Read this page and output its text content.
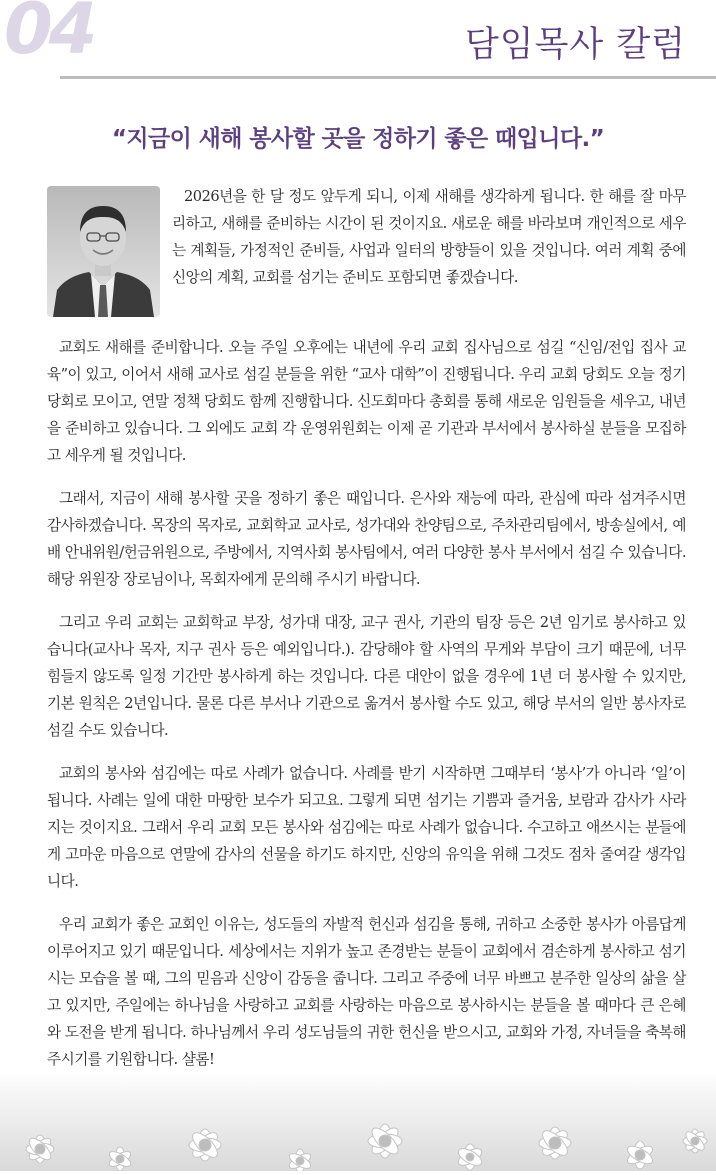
04	담임목사 칼럼
“지금이 새해 봉사할 곳을 정하기 좋은 때입니다.”

2026년을 한 달 정도 앞두게 되니, 이제 새해를 생각하게 됩니다. 한 해를 잘 마무리하고, 새해를 준비하는 시간이 된 것이지요. 새로운 해를 바라보며 개인적으로 세우는 계획들, 가정적인 준비들, 사업과 일터의 방향들이 있을 것입니다. 여러 계획 중에 신앙의 계획, 교회를 섬기는 준비도 포함되면 좋겠습니다.

교회도 새해를 준비합니다. 오늘 주일 오후에는 내년에 우리 교회 집사님으로 섬길 “신임/전입 집사 교육”이 있고, 이어서 새해 교사로 섬길 분들을 위한 “교사 대학”이 진행됩니다. 우리 교회 당회도 오늘 정기 당회로 모이고, 연말 정책 당회도 함께 진행합니다. 신도회마다 총회를 통해 새로운 임원들을 세우고, 내년을 준비하고 있습니다. 그 외에도 교회 각 운영위원회는 이제 곧 기관과 부서에서 봉사하실 분들을 모집하고 세우게 될 것입니다.

그래서, 지금이 새해 봉사할 곳을 정하기 좋은 때입니다. 은사와 재능에 따라, 관심에 따라 섬겨주시면 감사하겠습니다. 목장의 목자로, 교회학교 교사로, 성가대와 찬양팀으로, 주차관리팀에서, 방송실에서, 예배 안내위원/헌금위원으로, 주방에서, 지역사회 봉사팀에서, 여러 다양한 봉사 부서에서 섬길 수 있습니다. 해당 위원장 장로님이나, 목회자에게 문의해 주시기 바랍니다.

그리고 우리 교회는 교회학교 부장, 성가대 대장, 교구 권사, 기관의 팀장 등은 2년 임기로 봉사하고 있습니다(교사나 목자, 지구 권사 등은 예외입니다.). 감당해야 할 사역의 무게와 부담이 크기 때문에, 너무 힘들지 않도록 일정 기간만 봉사하게 하는 것입니다. 다른 대안이 없을 경우에 1년 더 봉사할 수 있지만, 기본 원칙은 2년입니다. 물론 다른 부서나 기관으로 옮겨서 봉사할 수도 있고, 해당 부서의 일반 봉사자로 섬길 수도 있습니다.

교회의 봉사와 섬김에는 따로 사례가 없습니다. 사례를 받기 시작하면 그때부터 ‘봉사’가 아니라 ‘일’이 됩니다. 사례는 일에 대한 마땅한 보수가 되고요. 그렇게 되면 섬기는 기쁨과 즐거움, 보람과 감사가 사라지는 것이지요. 그래서 우리 교회 모든 봉사와 섬김에는 따로 사례가 없습니다. 수고하고 애쓰시는 분들에게 고마운 마음으로 연말에 감사의 선물을 하기도 하지만, 신앙의 유익을 위해 그것도 점차 줄여갈 생각입니다.

우리 교회가 좋은 교회인 이유는, 성도들의 자발적 헌신과 섬김을 통해, 귀하고 소중한 봉사가 아름답게 이루어지고 있기 때문입니다. 세상에서는 지위가 높고 존경받는 분들이 교회에서 겸손하게 봉사하고 섬기시는 모습을 볼 때, 그의 믿음과 신앙이 감동을 줍니다. 그리고 주중에 너무 바쁘고 분주한 일상의 삶을 살고 있지만, 주일에는 하나님을 사랑하고 교회를 사랑하는 마음으로 봉사하시는 분들을 볼 때마다 큰 은혜와 도전을 받게 됩니다. 하나님께서 우리 성도님들의 귀한 헌신을 받으시고, 교회와 가정, 자녀들을 축복해 주시기를 기원합니다. 샬롬!
